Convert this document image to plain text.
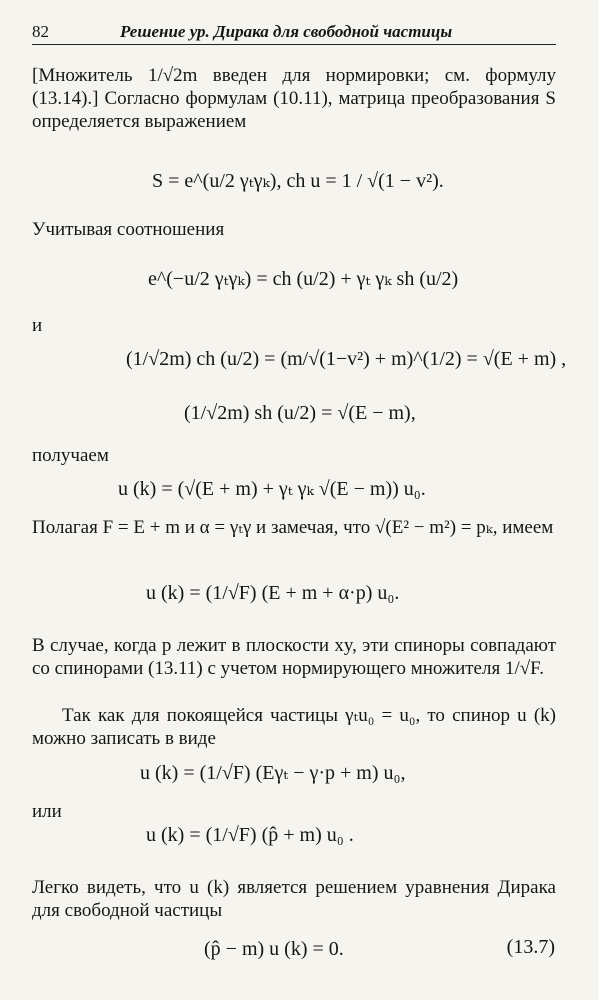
82	Решение ур. Дирака для свободной частицы
[Множитель 1/√2m введен для нормировки; см. формулу (13.14).] Согласно формулам (10.11), матрица преобразования S определяется выражением
S = e^(u/2 γₜγₖ), ch u = 1 / √(1 − v²).
Учитывая соотношения
e^(−u/2 γₜγₖ) = ch (u/2) + γₜ γₖ sh (u/2)
и
(1/√2m) ch (u/2) = (m/√(1−v²) + m)^(1/2) = √(E + m) ,
(1/√2m) sh (u/2) = √(E − m),
получаем
u (k) = (√(E + m) + γₜ γₖ √(E − m)) u₀.
Полагая F = E + m и α = γₜγ и замечая, что √(E² − m²) = pₖ, имеем
u (k) = (1/√F) (E + m + α·p) u₀.
В случае, когда p лежит в плоскости xy, эти спиноры совпадают со спинорами (13.11) с учетом нормирующего множителя 1/√F.
Так как для покоящейся частицы γₜu₀ = u₀, то спинор u (k) можно записать в виде
u (k) = (1/√F) (Eγₜ − γ·p + m) u₀,
или
u (k) = (1/√F) (p̂ + m) u₀ .
Легко видеть, что u (k) является решением уравнения Дирака для свободной частицы
(p̂ − m) u (k) = 0.	(13.7)
